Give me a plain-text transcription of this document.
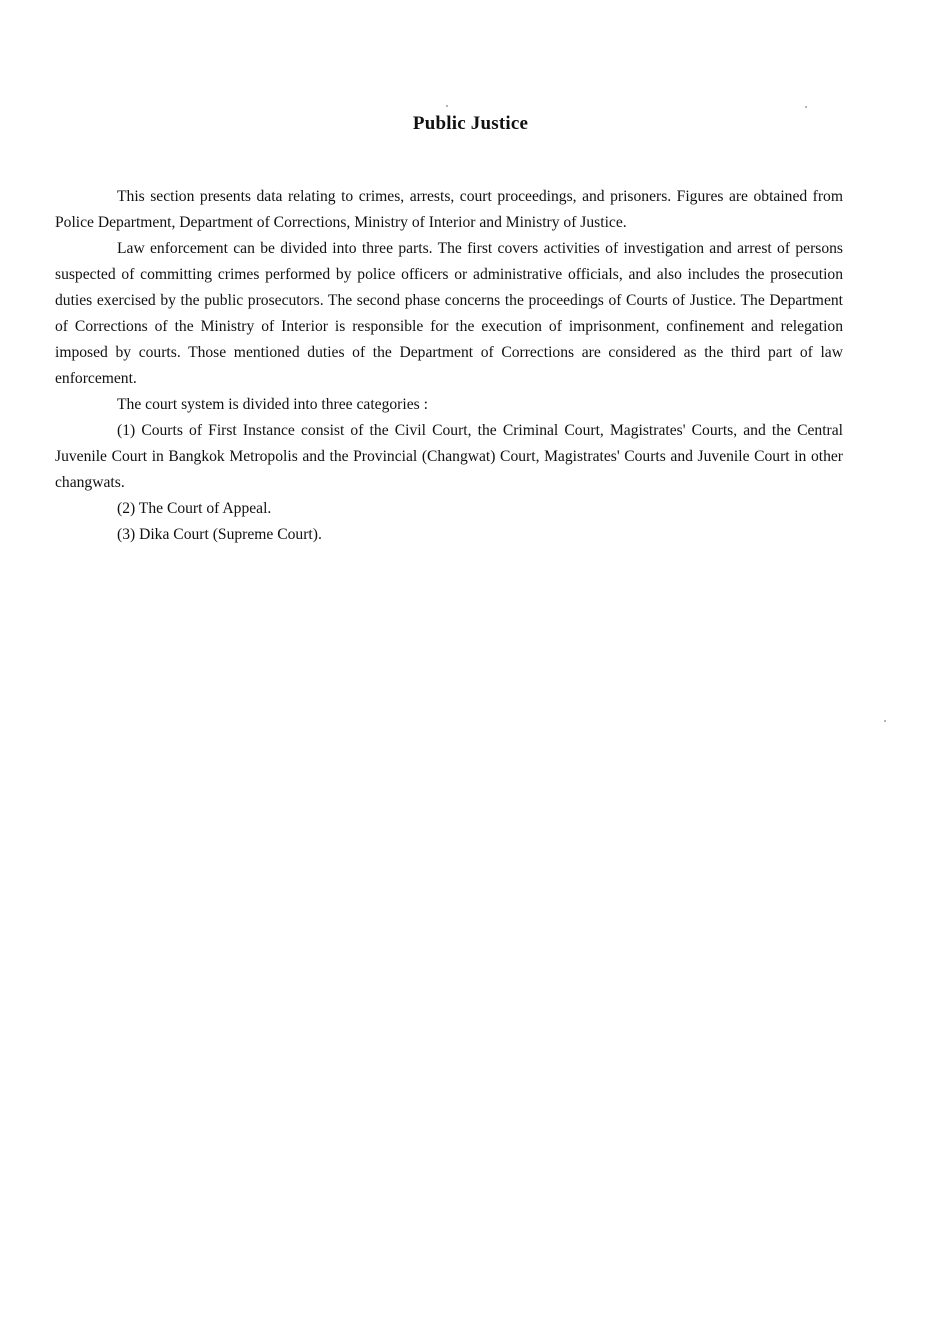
Public Justice

This section presents data relating to crimes, arrests, court proceedings, and prisoners. Figures are obtained from Police Department, Department of Corrections, Ministry of Interior and Ministry of Justice.

Law enforcement can be divided into three parts. The first covers activities of investigation and arrest of persons suspected of committing crimes performed by police officers or administrative officials, and also includes the prosecution duties exercised by the public prosecutors. The second phase concerns the proceedings of Courts of Justice. The Department of Corrections of the Ministry of Interior is responsible for the execution of imprisonment, confinement and relegation imposed by courts. Those mentioned duties of the Department of Corrections are considered as the third part of law enforcement.

The court system is divided into three categories :

(1) Courts of First Instance consist of the Civil Court, the Criminal Court, Magistrates' Courts, and the Central Juvenile Court in Bangkok Metropolis and the Provincial (Changwat) Court, Magistrates' Courts and Juvenile Court in other changwats.

(2) The Court of Appeal.

(3) Dika Court (Supreme Court).
